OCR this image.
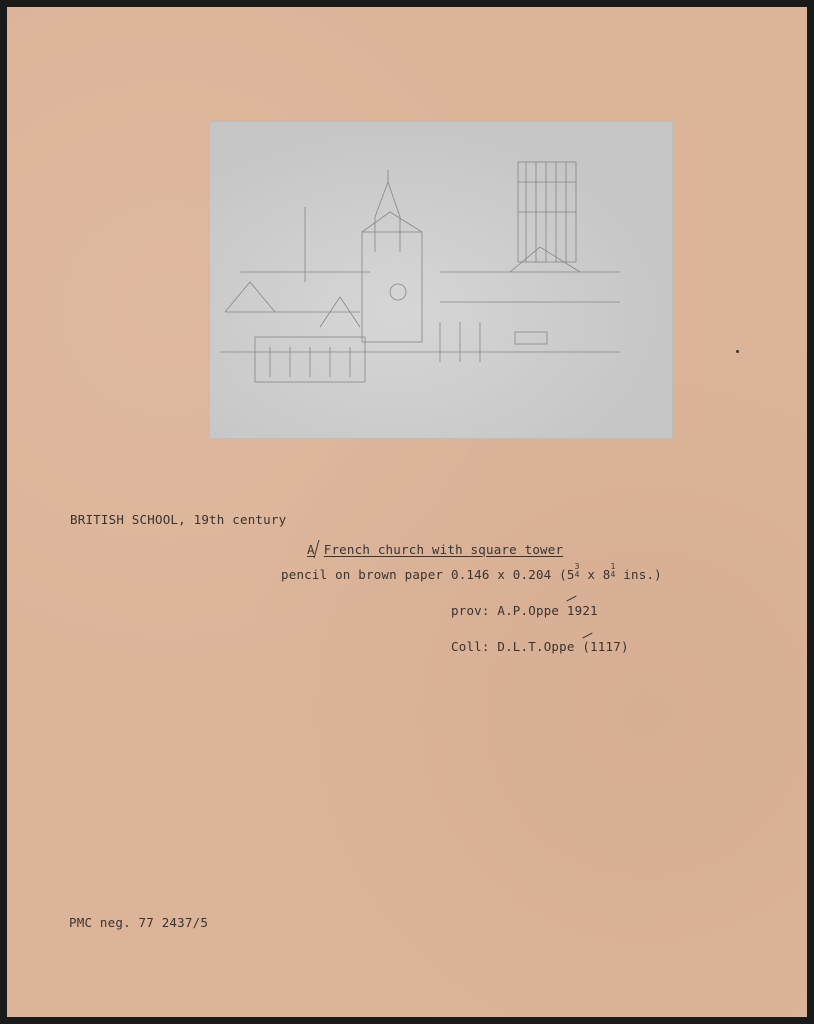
BRITISH SCHOOL, 19th century
A French church with square tower
pencil on brown paper 0.146 x 0.204 (53
4 x 81
4 ins.)
prov: A.P.Oppe 1921
Coll: D.L.T.Oppe (1117)
PMC neg. 77 2437/5
